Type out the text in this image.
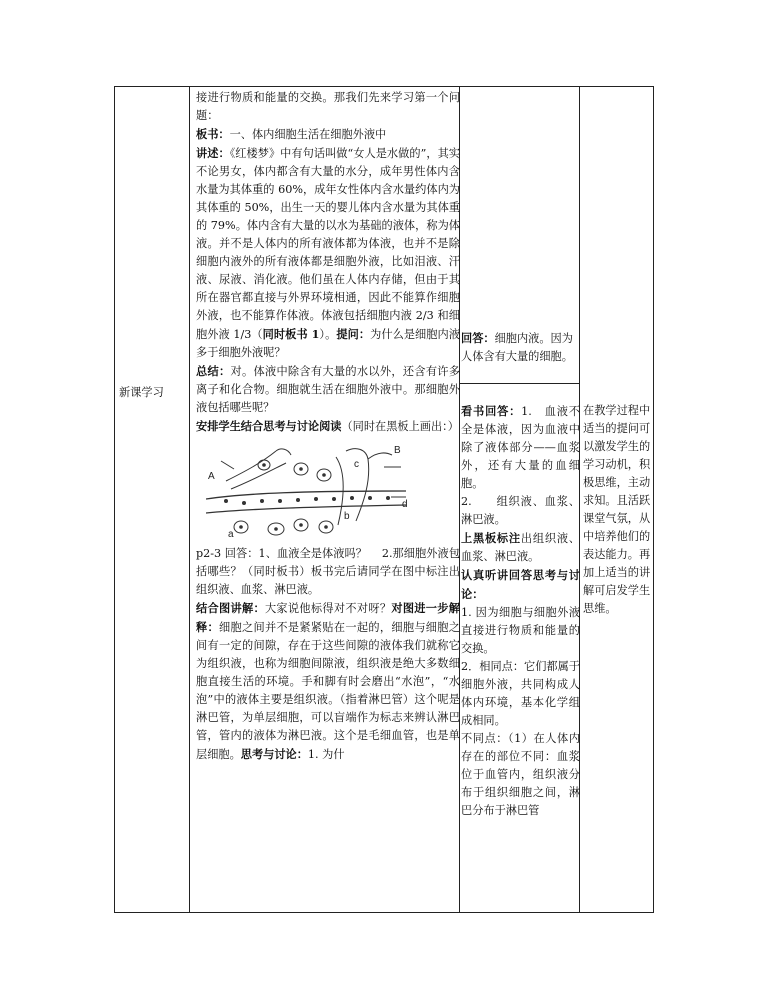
新课学习

接进行物质和能量的交换。那我们先来学习第一个问题：

板书：一、体内细胞生活在细胞外液中

讲述：《红楼梦》中有句话叫做“女人是水做的”，其实不论男女，体内都含有大量的水分，成年男性体内含水量为其体重的 60%，成年女性体内含水量约体内为其体重的 50%，出生一天的婴儿体内含水量为其体重的 79%。体内含有大量的以水为基础的液体，称为体液。并不是人体内的所有液体都为体液，也并不是除细胞内液外的所有液体都是细胞外液，比如泪液、汗液、尿液、消化液。他们虽在人体内存储，但由于其所在器官都直接与外界环境相通，因此不能算作细胞外液，也不能算作体液。体液包括细胞内液 2/3 和细胞外液 1/3（同时板书 1）。提问：为什么是细胞内液多于细胞外液呢？

总结：对。体液中除含有大量的水以外，还含有许多离子和化合物。细胞就生活在细胞外液中。那细胞外液包括哪些呢？

安排学生结合思考与讨论阅读（同时在黑板上画出：）

A
B
a
b
c
d

p2-3 回答：1、血液全是体液吗？　 2.那细胞外液包括哪些？（同时板书）板书完后请同学在图中标注出组织液、血浆、淋巴液。

结合图讲解：大家说他标得对不对呀？对图进一步解释：细胞之间并不是紧紧贴在一起的，细胞与细胞之间有一定的间隙，存在于这些间隙的液体我们就称它为组织液，也称为细胞间隙液，组织液是绝大多数细胞直接生活的环境。手和脚有时会磨出“水泡”，“水泡”中的液体主要是组织液。（指着淋巴管）这个呢是淋巴管，为单层细胞，可以盲端作为标志来辨认淋巴管，管内的液体为淋巴液。这个是毛细血管，也是单层细胞。思考与讨论：1. 为什

回答：细胞内液。因为人体含有大量的细胞。

看书回答：1.　血液不全是体液，因为血液中除了液体部分——血浆外，还有大量的血细胞。

2.　　组织液、血浆、淋巴液。

上黑板标注出组织液、血浆、淋巴液。

认真听讲回答思考与讨论：

1. 因为细胞与细胞外液直接进行物质和能量的交换。

2．相同点：它们都属于细胞外液，共同构成人体内环境，基本化学组成相同。

不同点：（1）在人体内存在的部位不同：血浆位于血管内，组织液分布于组织细胞之间，淋巴分布于淋巴管

在教学过程中适当的提问可以激发学生的学习动机，积极思维，主动求知。且活跃课堂气氛，从中培养他们的表达能力。再加上适当的讲解可启发学生思维。
